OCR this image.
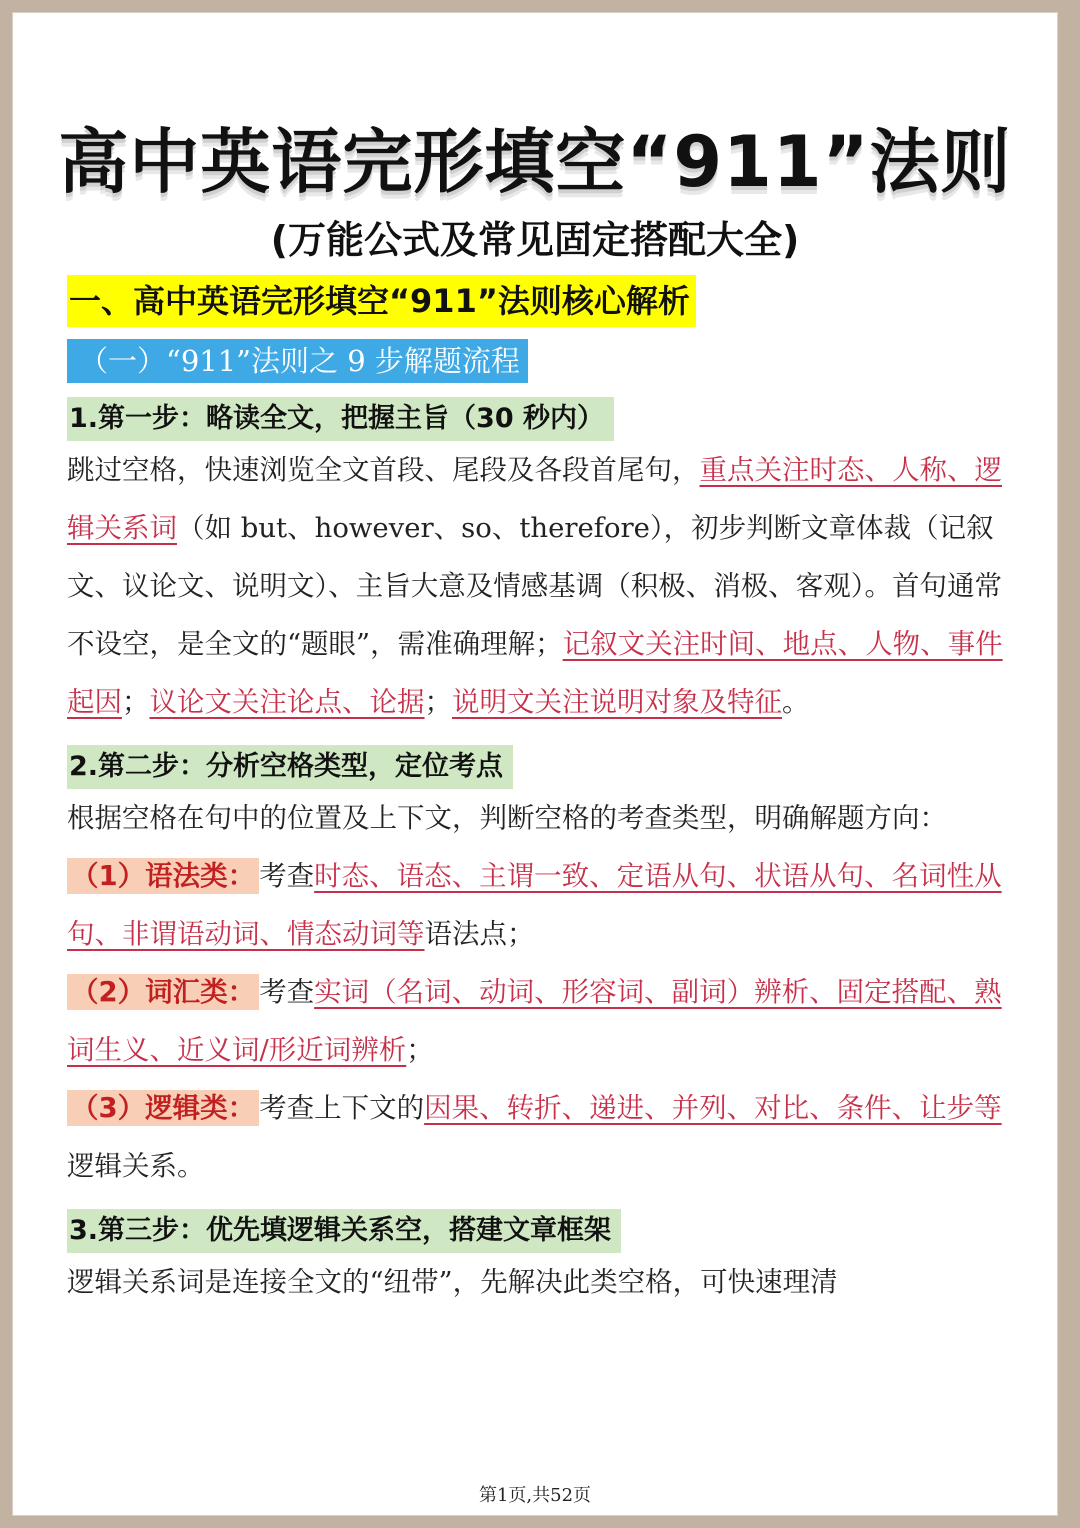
高中英语完形填空“911”法则
(万能公式及常见固定搭配大全)
一、高中英语完形填空“911”法则核心解析
（一）“911”法则之 9 步解题流程
1.第一步：略读全文，把握主旨（30 秒内）

跳过空格，快速浏览全文首段、尾段及各段首尾句，重点关注时态、人称、逻辑关系词（如 but、however、so、therefore），初步判断文章体裁（记叙文、议论文、说明文）、主旨大意及情感基调（积极、消极、客观）。首句通常不设空，是全文的“题眼”，需准确理解；记叙文关注时间、地点、人物、事件起因；议论文关注论点、论据；说明文关注说明对象及特征。

2.第二步：分析空格类型，定位考点

根据空格在句中的位置及上下文，判断空格的考查类型，明确解题方向：

（1）语法类： 考查时态、语态、主谓一致、定语从句、状语从句、名词性从句、非谓语动词、情态动词等语法点；

（2）词汇类： 考查实词（名词、动词、形容词、副词）辨析、固定搭配、熟词生义、近义词/形近词辨析；

（3）逻辑类： 考查上下文的因果、转折、递进、并列、对比、条件、让步等逻辑关系。

3.第三步：优先填逻辑关系空，搭建文章框架

逻辑关系词是连接全文的“纽带”，先解决此类空格，可快速理清

第1页,共52页
